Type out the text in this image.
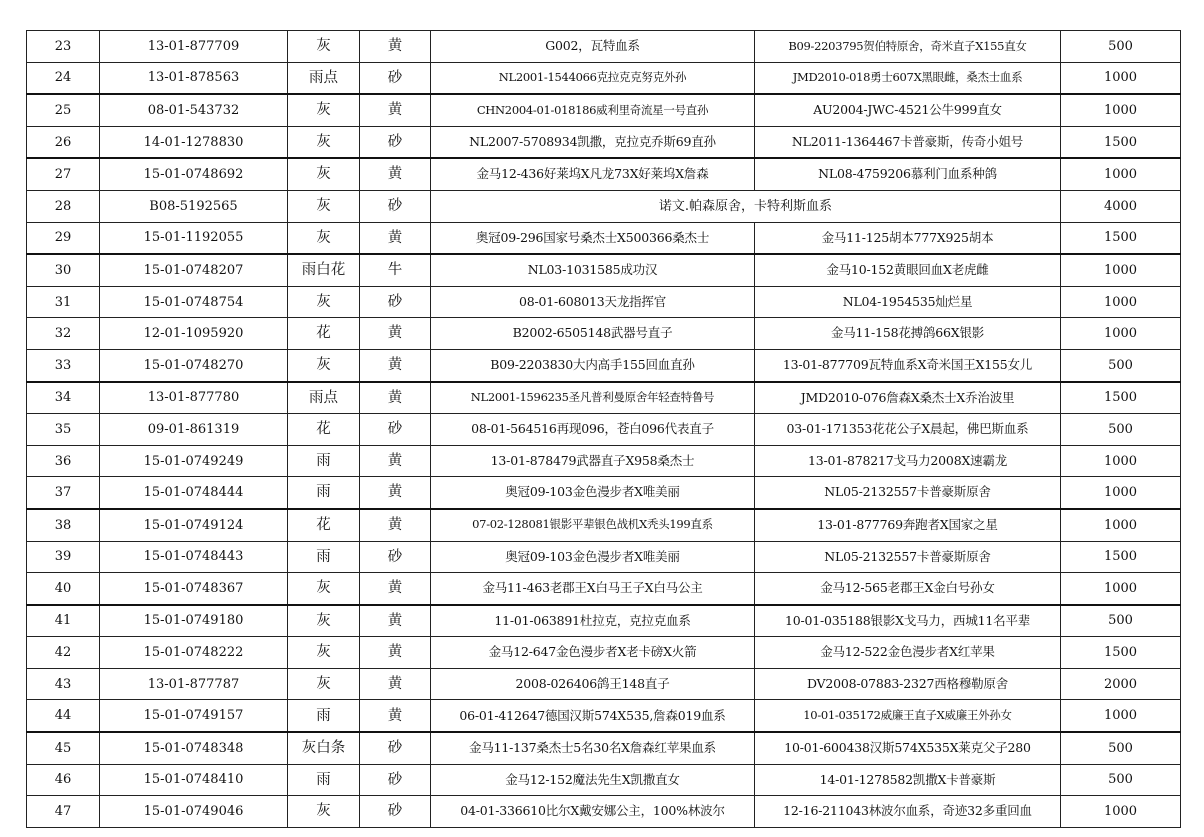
23	13-01-877709	灰	黄	G002，瓦特血系	B09-2203795贺伯特原舍，奇米直子X155直女	500
24	13-01-878563	雨点	砂	NL2001-1544066克拉克克努克外孙	JMD2010-018勇士607X黑眼雌，桑杰士血系	1000
25	08-01-543732	灰	黄	CHN2004-01-018186威利里奇流星一号直孙	AU2004-JWC-4521公牛999直女	1000
26	14-01-1278830	灰	砂	NL2007-5708934凯撒，克拉克乔斯69直孙	NL2011-1364467卡普豪斯，传奇小姐号	1500
27	15-01-0748692	灰	黄	金马12-436好莱坞X凡龙73X好莱坞X詹森	NL08-4759206慕利门血系种鸽	1000
28	B08-5192565	灰	砂	诺文.帕森原舍，卡特利斯血系		4000
29	15-01-1192055	灰	黄	奥冠09-296国家号桑杰士X500366桑杰士	金马11-125胡本777X925胡本	1500
30	15-01-0748207	雨白花	牛	NL03-1031585成功汉	金马10-152黄眼回血X老虎雌	1000
31	15-01-0748754	灰	砂	08-01-608013天龙指挥官	NL04-1954535灿烂星	1000
32	12-01-1095920	花	黄	B2002-6505148武器号直子	金马11-158花搏鸽66X银影	1000
33	15-01-0748270	灰	黄	B09-2203830大内高手155回血直孙	13-01-877709瓦特血系X奇米国王X155女儿	500
34	13-01-877780	雨点	黄	NL2001-1596235圣凡普利曼原舍年轻查特鲁号	JMD2010-076詹森X桑杰士X乔治波里	1500
35	09-01-861319	花	砂	08-01-564516再现096，苍白096代表直子	03-01-171353花花公子X晨起，佛巴斯血系	500
36	15-01-0749249	雨	黄	13-01-878479武器直子X958桑杰士	13-01-878217戈马力2008X速霸龙	1000
37	15-01-0748444	雨	黄	奥冠09-103金色漫步者X唯美丽	NL05-2132557卡普豪斯原舍	1000
38	15-01-0749124	花	黄	07-02-128081银影平辈银色战机X秃头199直系	13-01-877769奔跑者X国家之星	1000
39	15-01-0748443	雨	砂	奥冠09-103金色漫步者X唯美丽	NL05-2132557卡普豪斯原舍	1500
40	15-01-0748367	灰	黄	金马11-463老郡王X白马王子X白马公主	金马12-565老郡王X金白号孙女	1000
41	15-01-0749180	灰	黄	11-01-063891杜拉克，克拉克血系	10-01-035188银影X戈马力，西城11名平辈	500
42	15-01-0748222	灰	黄	金马12-647金色漫步者X老卡磅X火箭	金马12-522金色漫步者X红苹果	1500
43	13-01-877787	灰	黄	2008-026406鸽王148直子	DV2008-07883-2327西格穆勒原舍	2000
44	15-01-0749157	雨	黄	06-01-412647德国汉斯574X535,詹森019血系	10-01-035172威廉王直子X威廉王外孙女	1000
45	15-01-0748348	灰白条	砂	金马11-137桑杰士5名30名X詹森红苹果血系	10-01-600438汉斯574X535X莱克父子280	500
46	15-01-0748410	雨	砂	金马12-152魔法先生X凯撒直女	14-01-1278582凯撒X卡普豪斯	500
47	15-01-0749046	灰	砂	04-01-336610比尔X戴安娜公主，100%林波尔	12-16-211043林波尔血系，奇迹32多重回血	1000
